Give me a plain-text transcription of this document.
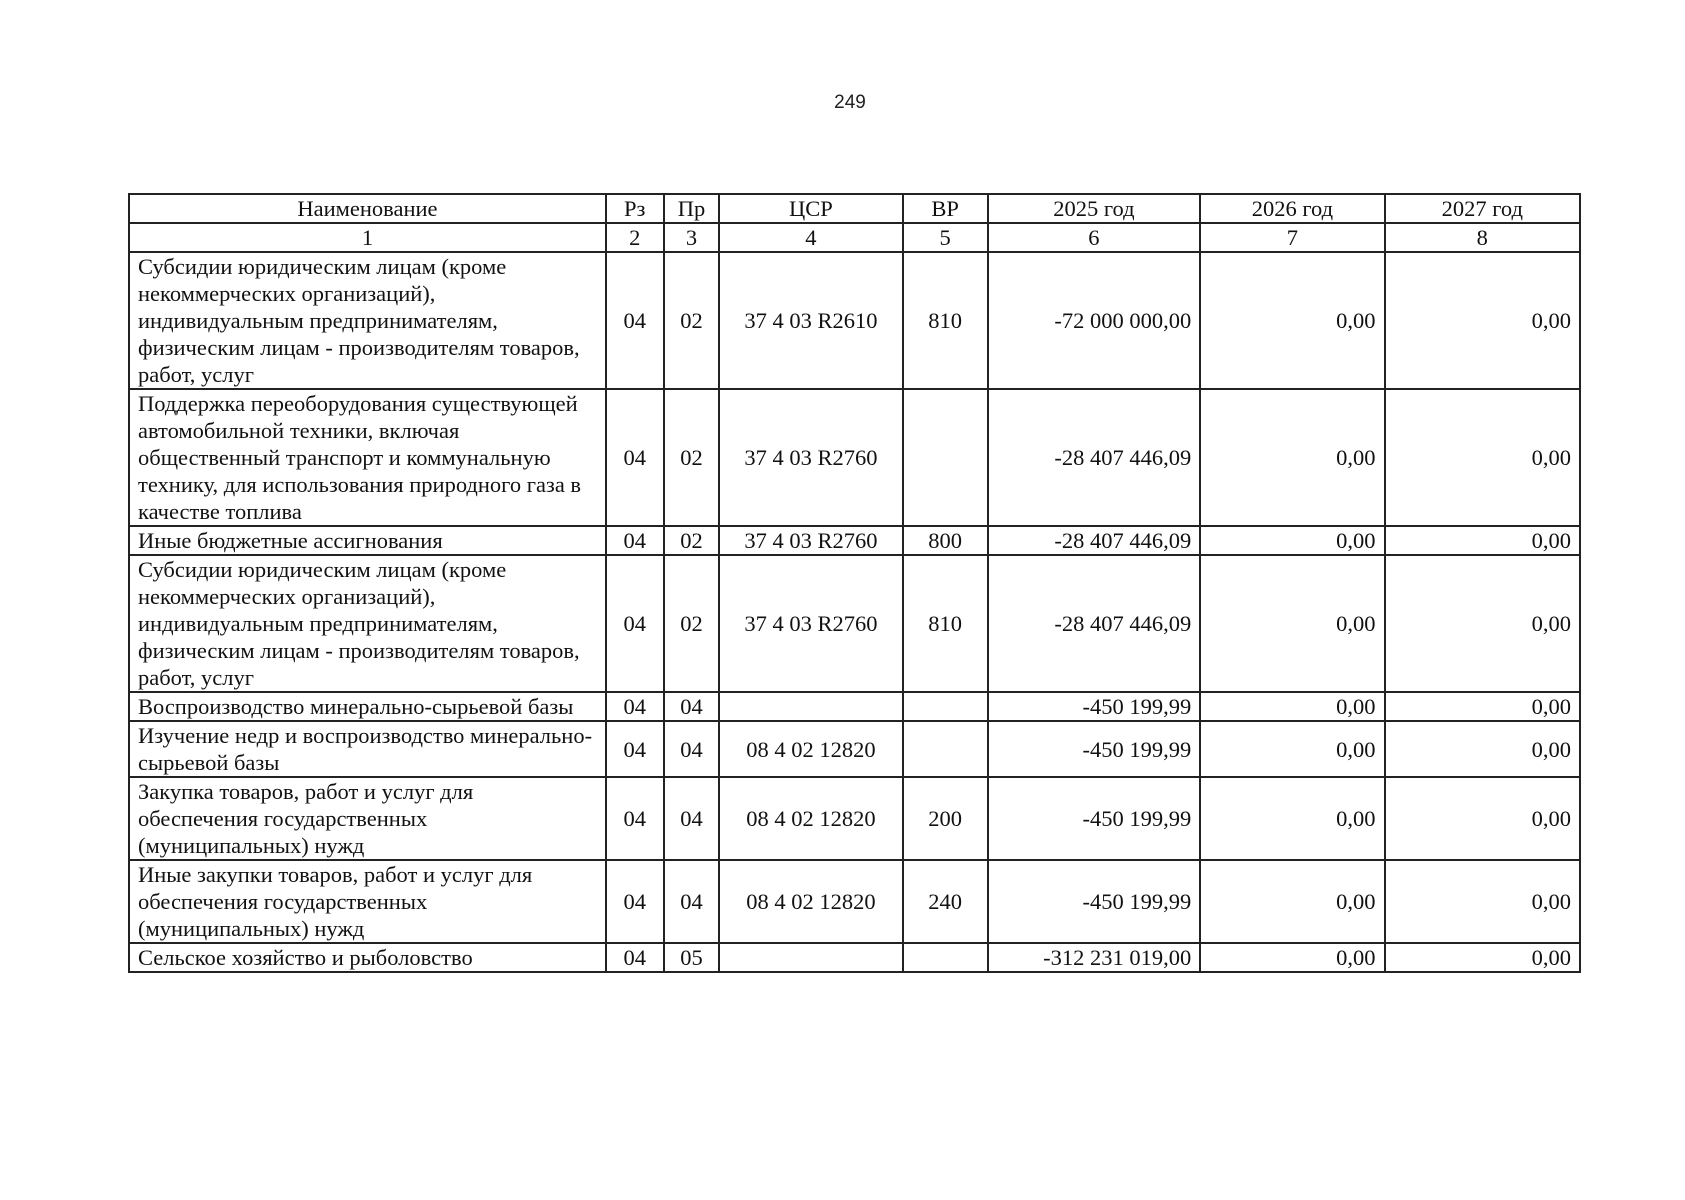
249
Наименование	Рз	Пр	ЦСР	ВР	2025 год	2026 год	2027 год
1	2	3	4	5	6	7	8
Субсидии юридическим лицам (кроме некоммерческих организаций), индивидуальным предпринимателям, физическим лицам - производителям товаров, работ, услуг	04	02	37 4 03 R2610	810	-72 000 000,00	0,00	0,00
Поддержка переоборудования существующей автомобильной техники, включая общественный транспорт и коммунальную технику, для использования природного газа в качестве топлива	04	02	37 4 03 R2760		-28 407 446,09	0,00	0,00
Иные бюджетные ассигнования	04	02	37 4 03 R2760	800	-28 407 446,09	0,00	0,00
Субсидии юридическим лицам (кроме некоммерческих организаций), индивидуальным предпринимателям, физическим лицам - производителям товаров, работ, услуг	04	02	37 4 03 R2760	810	-28 407 446,09	0,00	0,00
Воспроизводство минерально-сырьевой базы	04	04			-450 199,99	0,00	0,00
Изучение недр и воспроизводство минерально-сырьевой базы	04	04	08 4 02 12820		-450 199,99	0,00	0,00
Закупка товаров, работ и услуг для обеспечения государственных (муниципальных) нужд	04	04	08 4 02 12820	200	-450 199,99	0,00	0,00
Иные закупки товаров, работ и услуг для обеспечения государственных (муниципальных) нужд	04	04	08 4 02 12820	240	-450 199,99	0,00	0,00
Сельское хозяйство и рыболовство	04	05			-312 231 019,00	0,00	0,00
